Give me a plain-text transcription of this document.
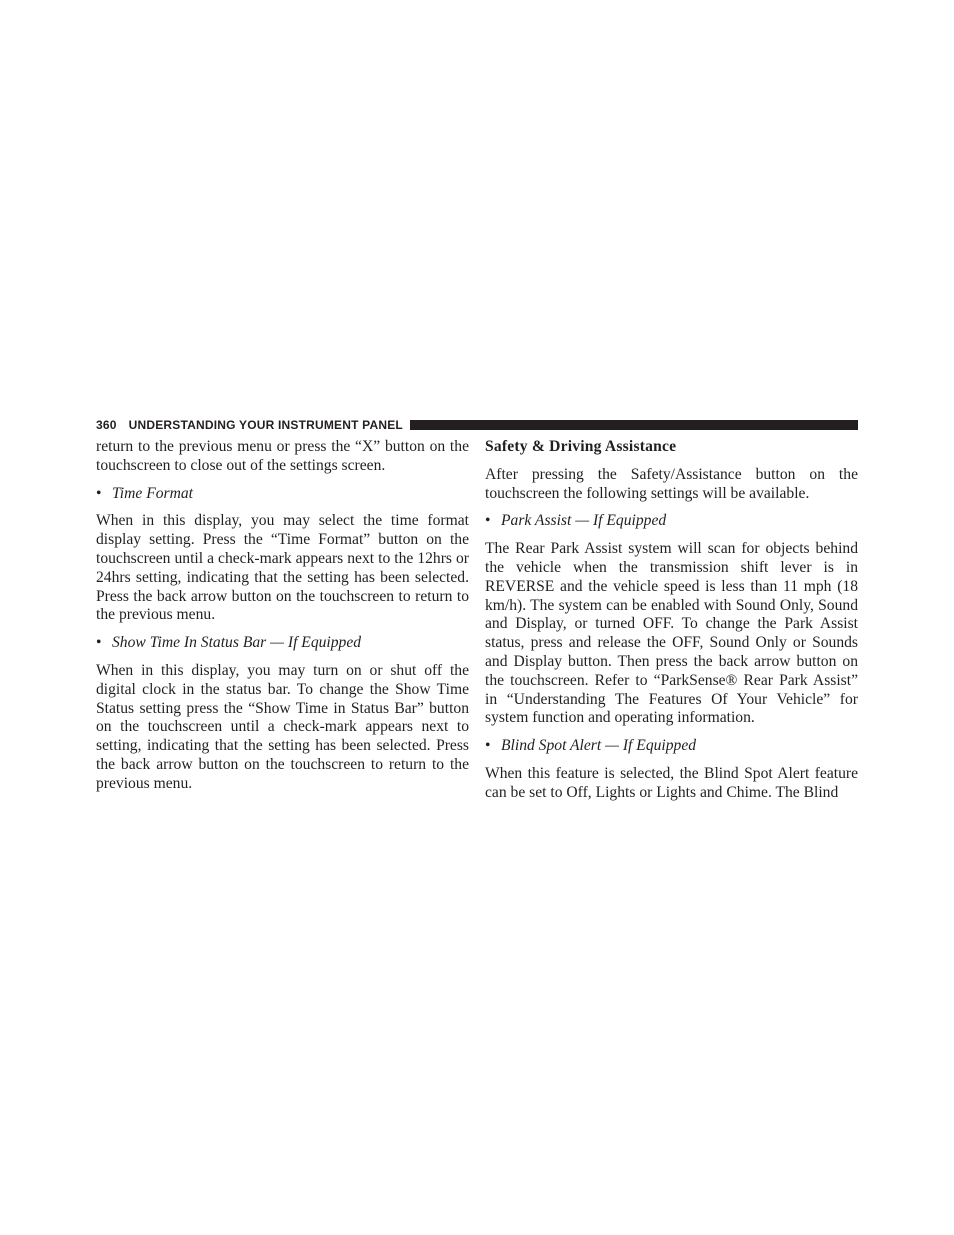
360 UNDERSTANDING YOUR INSTRUMENT PANEL

return to the previous menu or press the “X” button on the touchscreen to close out of the settings screen.

• Time Format

When in this display, you may select the time format display setting. Press the “Time Format” button on the touchscreen until a check-mark appears next to the 12hrs or 24hrs setting, indicating that the setting has been selected. Press the back arrow button on the touchscreen to return to the previous menu.

• Show Time In Status Bar — If Equipped

When in this display, you may turn on or shut off the digital clock in the status bar. To change the Show Time Status setting press the “Show Time in Status Bar” button on the touchscreen until a check-mark appears next to setting, indicating that the setting has been selected. Press the back arrow button on the touchscreen to return to the previous menu.

Safety & Driving Assistance

After pressing the Safety/Assistance button on the touchscreen the following settings will be available.

• Park Assist — If Equipped

The Rear Park Assist system will scan for objects behind the vehicle when the transmission shift lever is in REVERSE and the vehicle speed is less than 11 mph (18 km/h). The system can be enabled with Sound Only, Sound and Display, or turned OFF. To change the Park Assist status, press and release the OFF, Sound Only or Sounds and Display button. Then press the back arrow button on the touchscreen. Refer to “ParkSense® Rear Park Assist” in “Understanding The Features Of Your Vehicle” for system function and operating information.

• Blind Spot Alert — If Equipped

When this feature is selected, the Blind Spot Alert feature can be set to Off, Lights or Lights and Chime. The Blind
